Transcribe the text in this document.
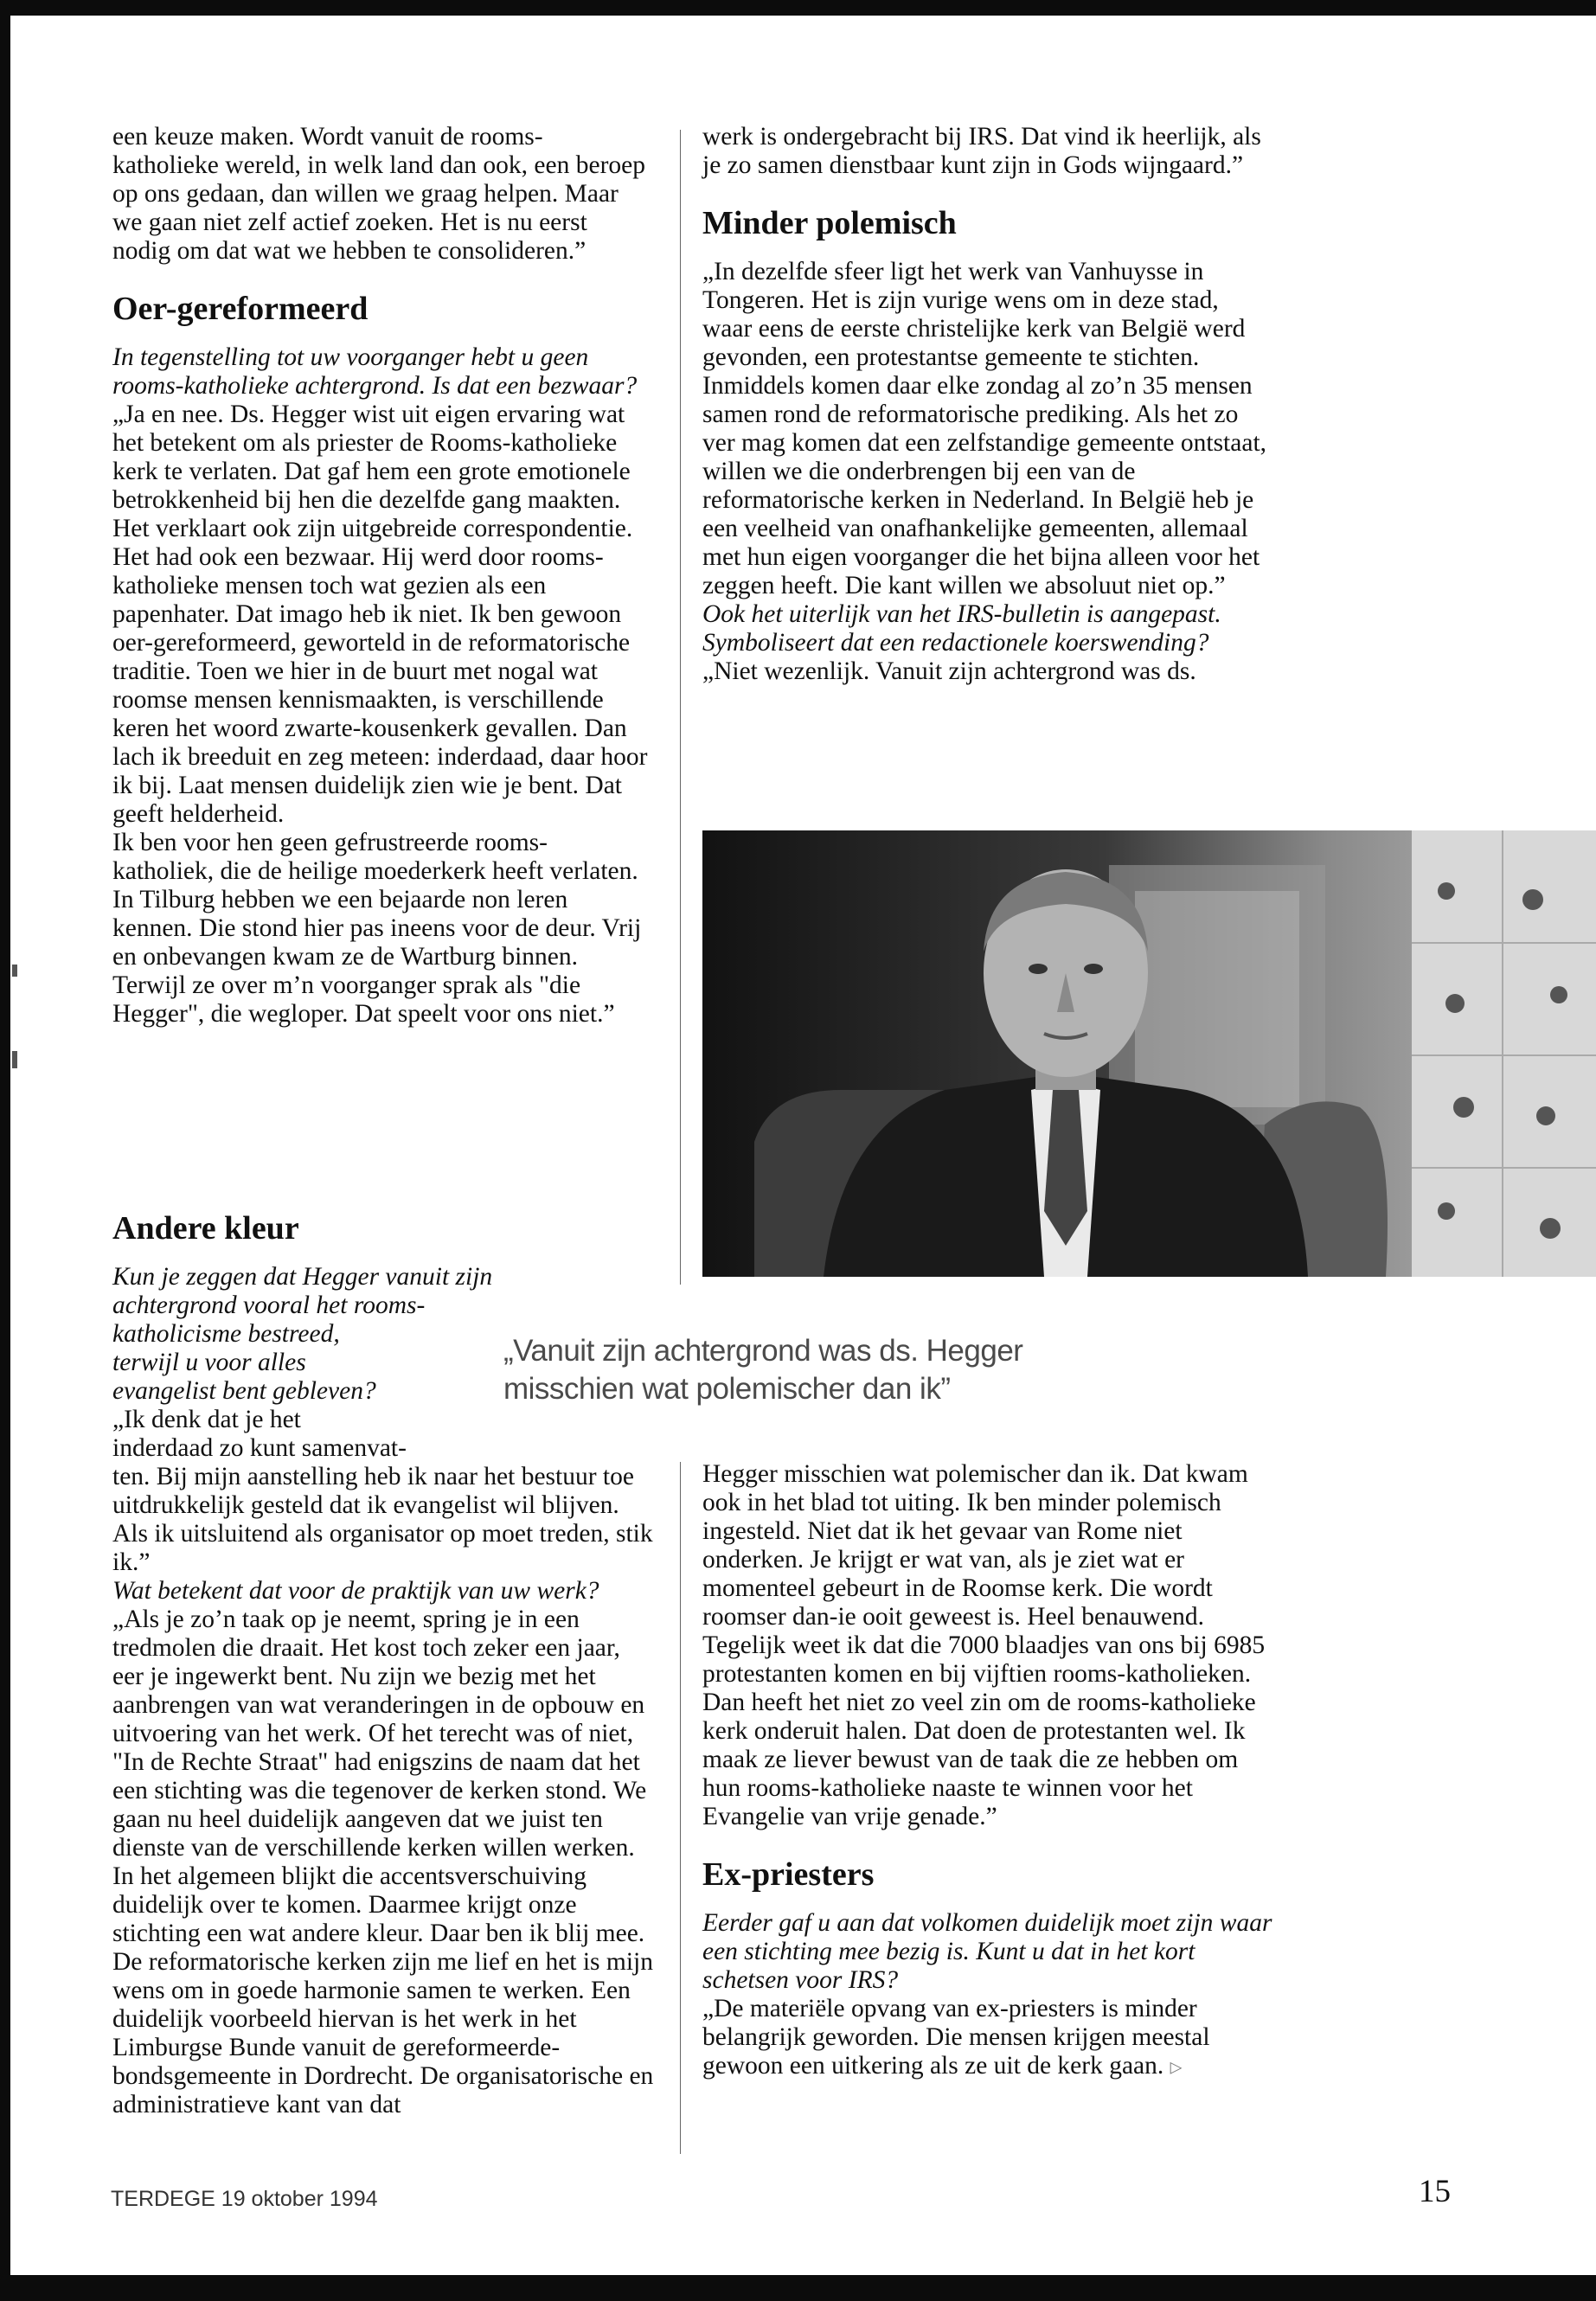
een keuze maken. Wordt vanuit de rooms-katholieke wereld, in welk land dan ook, een beroep op ons gedaan, dan willen we graag helpen. Maar we gaan niet zelf actief zoeken. Het is nu eerst nodig om dat wat we hebben te consolideren.”

Oer-gereformeerd

In tegenstelling tot uw voorganger hebt u geen rooms-katholieke achtergrond. Is dat een bezwaar?

„Ja en nee. Ds. Hegger wist uit eigen ervaring wat het betekent om als priester de Rooms-katholieke kerk te verlaten. Dat gaf hem een grote emotionele betrokkenheid bij hen die dezelfde gang maakten. Het verklaart ook zijn uitgebreide correspondentie.

Het had ook een bezwaar. Hij werd door rooms-katholieke mensen toch wat gezien als een papenhater. Dat imago heb ik niet. Ik ben gewoon oer-gereformeerd, geworteld in de reformatorische traditie. Toen we hier in de buurt met nogal wat roomse mensen kennismaakten, is verschillende keren het woord zwarte-kousenkerk gevallen. Dan lach ik breeduit en zeg meteen: inderdaad, daar hoor ik bij. Laat mensen duidelijk zien wie je bent. Dat geeft helderheid.

Ik ben voor hen geen gefrustreerde rooms-katholiek, die de heilige moederkerk heeft verlaten. In Tilburg hebben we een bejaarde non leren kennen. Die stond hier pas ineens voor de deur. Vrij en onbevangen kwam ze de Wartburg binnen. Terwijl ze over m’n voorganger sprak als "die Hegger", die wegloper. Dat speelt voor ons niet.”

Andere kleur

Kun je zeggen dat Hegger vanuit zijn achtergrond vooral het rooms-

katholicisme bestreed, terwijl u voor alles evangelist bent gebleven?

„Ik denk dat je het inderdaad zo kunt samenvat-

ten. Bij mijn aanstelling heb ik naar het bestuur toe uitdrukkelijk gesteld dat ik evangelist wil blijven. Als ik uitsluitend als organisator op moet treden, stik ik.”

Wat betekent dat voor de praktijk van uw werk?

„Als je zo’n taak op je neemt, spring je in een tredmolen die draait. Het kost toch zeker een jaar, eer je ingewerkt bent. Nu zijn we bezig met het aanbrengen van wat veranderingen in de opbouw en uitvoering van het werk. Of het terecht was of niet, "In de Rechte Straat" had enigszins de naam dat het een stichting was die tegenover de kerken stond. We gaan nu heel duidelijk aangeven dat we juist ten dienste van de verschillende kerken willen werken.

In het algemeen blijkt die accentsverschuiving duidelijk over te komen. Daarmee krijgt onze stichting een wat andere kleur. Daar ben ik blij mee. De reformatorische kerken zijn me lief en het is mijn wens om in goede harmonie samen te werken. Een duidelijk voorbeeld hiervan is het werk in het Limburgse Bunde vanuit de gereformeerde-bondsgemeente in Dordrecht. De organisatorische en administratieve kant van dat

werk is ondergebracht bij IRS. Dat vind ik heerlijk, als je zo samen dienstbaar kunt zijn in Gods wijngaard.”

Minder polemisch

„In dezelfde sfeer ligt het werk van Vanhuysse in Tongeren. Het is zijn vurige wens om in deze stad, waar eens de eerste christelijke kerk van België werd gevonden, een protestantse gemeente te stichten. Inmiddels komen daar elke zondag al zo’n 35 mensen samen rond de reformatorische prediking. Als het zo ver mag komen dat een zelfstandige gemeente ontstaat, willen we die onderbrengen bij een van de reformatorische kerken in Nederland. In België heb je een veelheid van onafhankelijke gemeenten, allemaal met hun eigen voorganger die het bijna alleen voor het zeggen heeft. Die kant willen we absoluut niet op.”

Ook het uiterlijk van het IRS-bulletin is aangepast. Symboliseert dat een redactionele koerswending?

„Niet wezenlijk. Vanuit zijn achtergrond was ds.

„Vanuit zijn achtergrond was ds. Hegger
misschien wat polemischer dan ik”

Hegger misschien wat polemischer dan ik. Dat kwam ook in het blad tot uiting. Ik ben minder polemisch ingesteld. Niet dat ik het gevaar van Rome niet onderken. Je krijgt er wat van, als je ziet wat er momenteel gebeurt in de Roomse kerk. Die wordt roomser dan-ie ooit geweest is. Heel benauwend.

Tegelijk weet ik dat die 7000 blaadjes van ons bij 6985 protestanten komen en bij vijftien rooms-katholieken. Dan heeft het niet zo veel zin om de rooms-katholieke kerk onderuit halen. Dat doen de protestanten wel. Ik maak ze liever bewust van de taak die ze hebben om hun rooms-katholieke naaste te winnen voor het Evangelie van vrije genade.”

Ex-priesters

Eerder gaf u aan dat volkomen duidelijk moet zijn waar een stichting mee bezig is. Kunt u dat in het kort schetsen voor IRS?

„De materiële opvang van ex-priesters is minder belangrijk geworden. Die mensen krijgen meestal gewoon een uitkering als ze uit de kerk gaan. ▷

TERDEGE 19 oktober 1994	15
